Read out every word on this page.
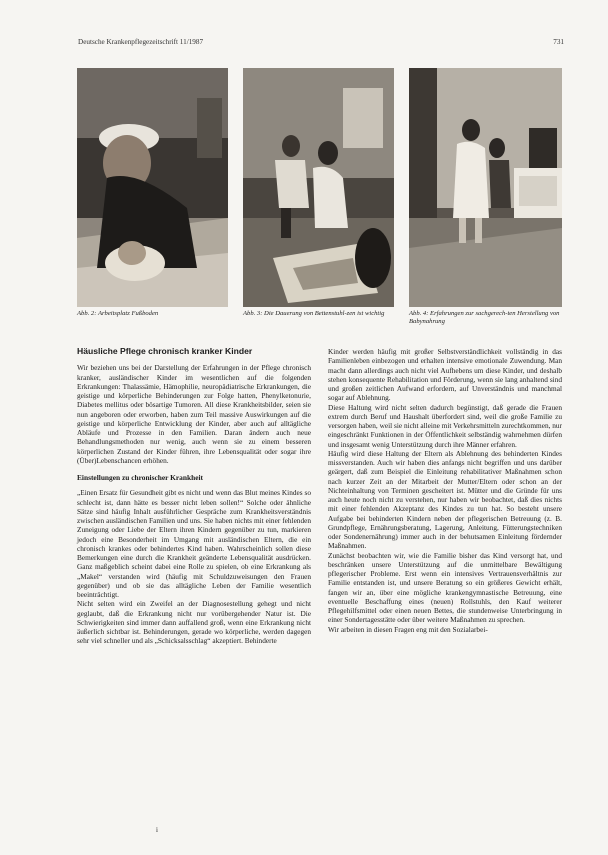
Deutsche Krankenpflegezeitschrift 11/1987	731
Abb. 2: Arbeitsplatz Fußboden	Abb. 3: Die Dauerung von Bettenstuhl-zen ist wichtig	Abb. 4: Erfahrungen zur sachgerech-ten Herstellung von Babynahrung

Häusliche Pflege chronisch kranker Kinder

Wir beziehen uns bei der Darstellung der Erfahrungen in der Pflege chronisch kranker, ausländischer Kinder im wesentlichen auf die folgenden Erkrankungen: Thalassämie, Hämophilie, neuropädiatrische Erkrankungen, die geistige und körperliche Behinderungen zur Folge hatten, Phenylketonurie, Diabetes mellitus oder bösartige Tumoren. All diese Krankheitsbilder, seien sie nun angeboren oder erworben, haben zum Teil massive Auswirkungen auf die geistige und körperliche Entwicklung der Kinder, aber auch auf alltägliche Abläufe und Prozesse in den Familien. Daran ändern auch neue Behandlungsmethoden nur wenig, auch wenn sie zu einem besseren körperlichen Zustand der Kinder führen, ihre Lebensqualität oder sogar ihre (Über)Lebenschancen erhöhen.

Einstellungen zu chronischer Krankheit

„Einen Ersatz für Gesundheit gibt es nicht und wenn das Blut meines Kindes so schlecht ist, dann hätte es besser nicht leben sollen!“ Solche oder ähnliche Sätze sind häufig Inhalt ausführlicher Gespräche zum Krankheitsverständnis zwischen ausländischen Familien und uns. Sie haben nichts mit einer fehlenden Zuneigung oder Liebe der Eltern ihren Kindern gegenüber zu tun, markieren jedoch eine Besonderheit im Umgang mit ausländischen Eltern, die ein chronisch krankes oder behindertes Kind haben. Wahrscheinlich sollen diese Bemerkungen eine durch die Krankheit geänderte Lebensqualität ausdrücken. Ganz maßgeblich scheint dabei eine Rolle zu spielen, ob eine Erkrankung als „Makel“ verstanden wird (häufig mit Schuldzuweisungen den Frauen gegenüber) und ob sie das alltägliche Leben der Familie wesentlich beeinträchtigt.

Nicht selten wird ein Zweifel an der Diagnosestellung gehegt und nicht geglaubt, daß die Erkrankung nicht nur vorübergehender Natur ist. Die Schwierigkeiten sind immer dann auffallend groß, wenn eine Erkrankung nicht äußerlich sichtbar ist. Behinderungen, gerade wo körperliche, werden dagegen sehr viel schneller und als „Schicksalsschlag“ akzeptiert. Behinderte

Kinder werden häufig mit großer Selbstverständlichkeit vollständig in das Familienleben einbezogen und erhalten intensive emotionale Zuwendung. Man macht dann allerdings auch nicht viel Aufhebens um diese Kinder, und deshalb stehen konsequente Rehabilitation und Förderung, wenn sie lang anhaltend sind und großen zeitlichen Aufwand erfordern, auf Unverständnis und manchmal sogar auf Ablehnung.

Diese Haltung wird nicht selten dadurch begünstigt, daß gerade die Frauen extrem durch Beruf und Haushalt überfordert sind, weil die große Familie zu versorgen haben, weil sie nicht alleine mit Verkehrsmitteln zurechtkommen, nur eingeschränkt Funktionen in der Öffentlichkeit selbständig wahrnehmen dürfen und insgesamt wenig Unterstützung durch ihre Männer erfahren.

Häufig wird diese Haltung der Eltern als Ablehnung des behinderten Kindes missverstanden. Auch wir haben dies anfangs nicht begriffen und uns darüber geärgert, daß zum Beispiel die Einleitung rehabilitativer Maßnahmen schon nach kurzer Zeit an der Mitarbeit der Mutter/Eltern oder schon an der Nichteinhaltung von Terminen gescheitert ist. Mütter und die Gründe für uns auch heute noch nicht zu verstehen, nur haben wir beobachtet, daß dies nichts mit einer fehlenden Akzeptanz des Kindes zu tun hat. So besteht unsere Aufgabe bei behinderten Kindern neben der pflegerischen Betreuung (z. B. Grundpflege, Ernährungsberatung, Lagerung, Anleitung, Fütterungstechniken oder Sondenernährung) immer auch in der behutsamen Einleitung fördernder Maßnahmen.

Zunächst beobachten wir, wie die Familie bisher das Kind versorgt hat, und beschränken unsere Unterstützung auf die unmittelbare Bewältigung pflegerischer Probleme. Erst wenn ein intensives Vertrauensverhältnis zur Familie entstanden ist, und unsere Beratung so ein größeres Gewicht erhält, fangen wir an, über eine mögliche krankengymnastische Betreuung, eine eventuelle Beschaffung eines (neuen) Rollstuhls, den Kauf weiterer Pflegehilfsmittel oder einen neuen Bettes, die stundenweise Unterbringung in einer Sondertagesstätte oder über weitere Maßnahmen zu sprechen.

Wir arbeiten in diesen Fragen eng mit den Sozialarbei-

i
